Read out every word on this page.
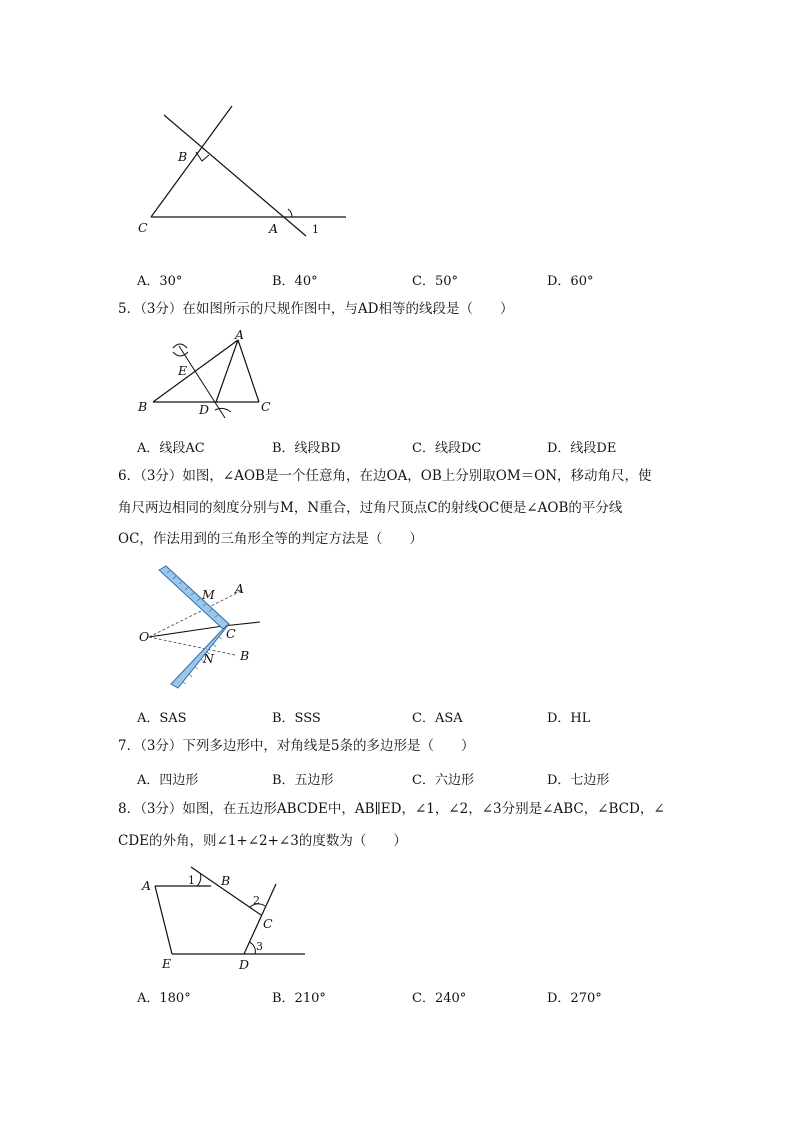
B
C	A	1
A．30°	B．40°	C．50°	D．60°
5．（3分）在如图所示的尺规作图中，与AD相等的线段是（　　）
A
E
B	D	C
A．线段AC	B．线段BD	C．线段DC	D．线段DE
6．（3分）如图，∠AOB是一个任意角，在边OA，OB上分别取OM＝ON，移动角尺，使
角尺两边相同的刻度分别与M，N重合，过角尺顶点C的射线OC便是∠AOB的平分线
OC，作法用到的三角形全等的判定方法是（　　）
M A
O	C
N B
A．SAS	B．SSS	C．ASA	D．HL
7．（3分）下列多边形中，对角线是5条的多边形是（　　）
A．四边形	B．五边形	C．六边形	D．七边形
8．（3分）如图，在五边形ABCDE中，AB∥ED，∠1，∠2，∠3分别是∠ABC，∠BCD，∠
CDE的外角，则∠1+∠2+∠3的度数为（　　）
A	1 B
2
C
E	D
3
A．180°	B．210°	C．240°	D．270°
